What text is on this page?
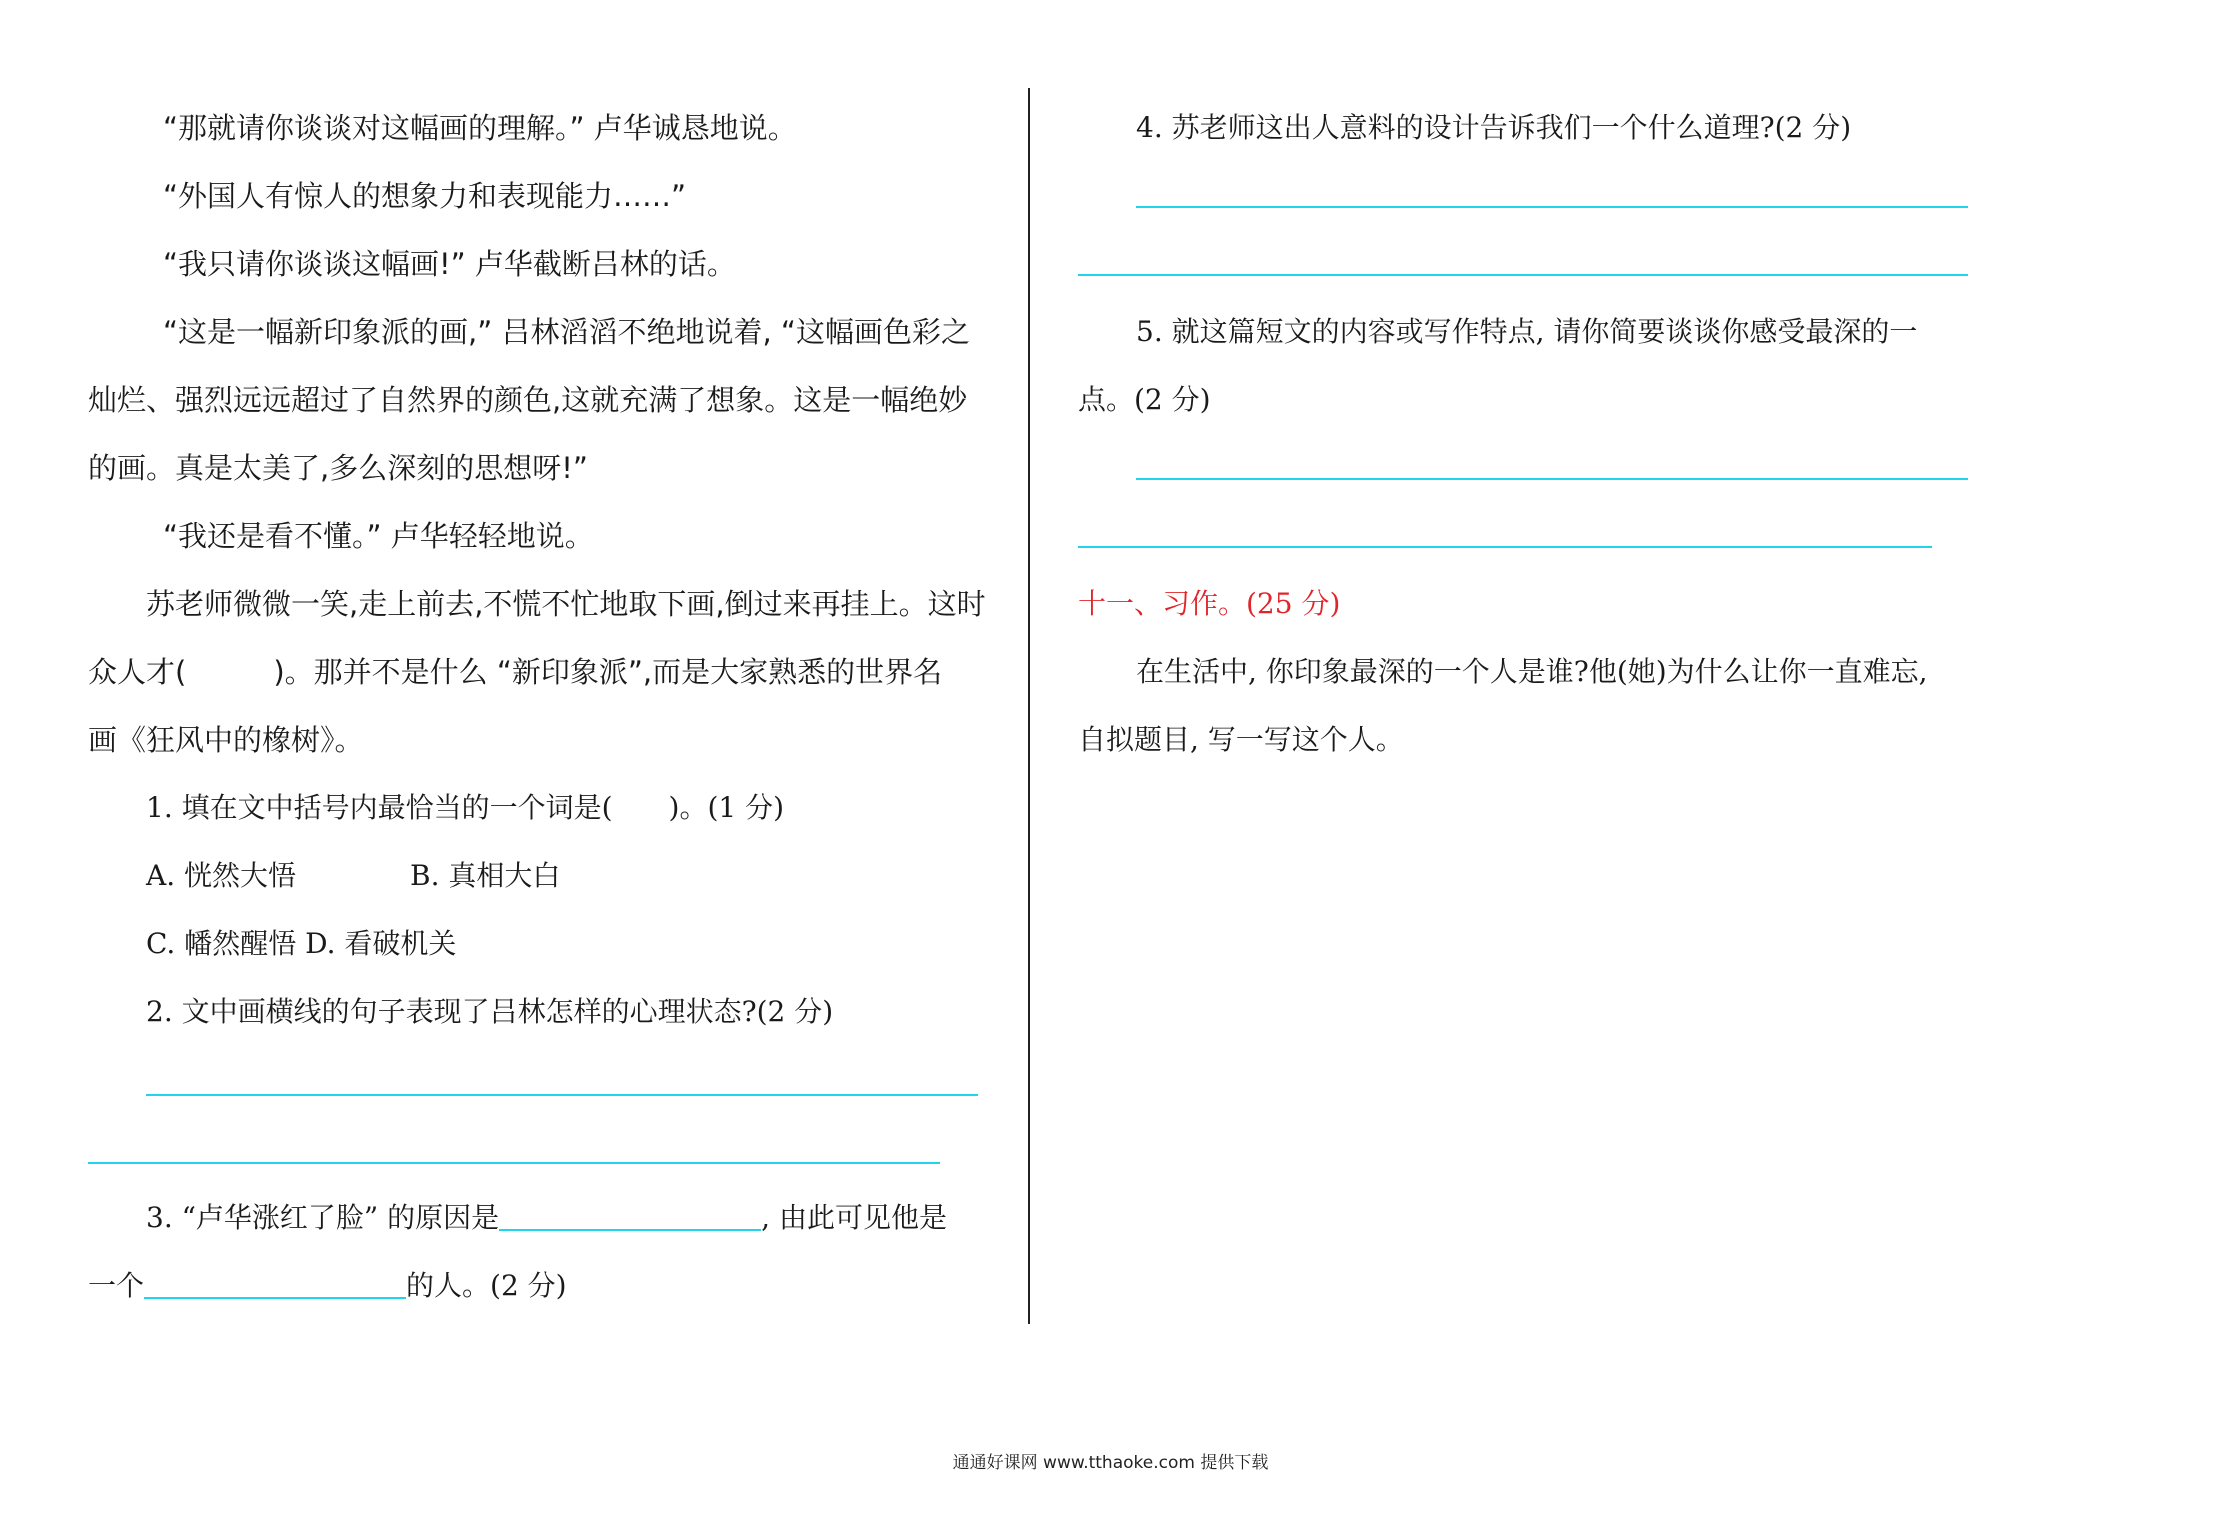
“那就请你谈谈对这幅画的理解。” 卢华诚恳地说。
“外国人有惊人的想象力和表现能力……”
“我只请你谈谈这幅画!” 卢华截断吕林的话。
“这是一幅新印象派的画,” 吕林滔滔不绝地说着, “这幅画色彩之
灿烂、强烈远远超过了自然界的颜色,这就充满了想象。这是一幅绝妙
的画。真是太美了,多么深刻的思想呀!”
“我还是看不懂。” 卢华轻轻地说。
苏老师微微一笑,走上前去,不慌不忙地取下画,倒过来再挂上。这时
众人才(　　　)。那并不是什么 “新印象派”,而是大家熟悉的世界名
画《狂风中的橡树》。
1. 填在文中括号内最恰当的一个词是(　　)。(1 分)
A. 恍然大悟	B. 真相大白
C. 幡然醒悟 D. 看破机关
2. 文中画横线的句子表现了吕林怎样的心理状态?(2 分)
3. “卢华涨红了脸” 的原因是	, 由此可见他是
一个	的人。(2 分)
4. 苏老师这出人意料的设计告诉我们一个什么道理?(2 分)
5. 就这篇短文的内容或写作特点, 请你简要谈谈你感受最深的一
点。(2 分)
十一、习作。(25 分)
在生活中, 你印象最深的一个人是谁?他(她)为什么让你一直难忘,
自拟题目, 写一写这个人。
通通好课网 www.tthaoke.com 提供下载
